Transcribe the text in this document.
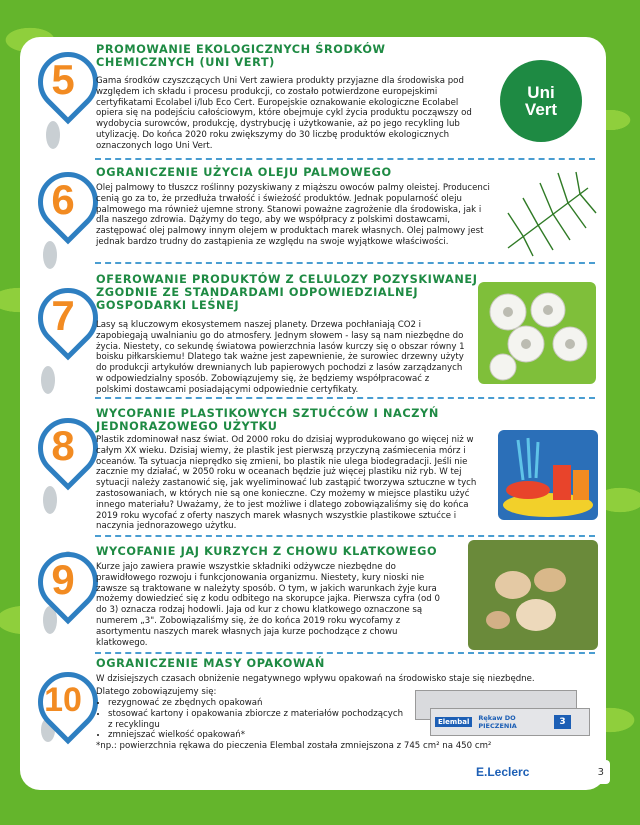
5
PROMOWANIE EKOLOGICZNYCH ŚRODKÓW CHEMICZNYCH (UNI VERT)

Gama środków czyszczących Uni Vert zawiera produkty przyjazne dla środowiska pod względem ich składu i procesu produkcji, co zostało potwierdzone europejskimi certyfikatami Ecolabel i/lub Eco Cert. Europejskie oznakowanie ekologiczne Ecolabel opiera się na podejściu całościowym, które obejmuje cykl życia produktu począwszy od wydobycia surowców, produkcję, dystrybucję i użytkowanie, aż po jego recykling lub utylizację. Do końca 2020 roku zwiększymy do 30 liczbę produktów ekologicznych oznaczonych logo Uni Vert.

Uni Vert
6
OGRANICZENIE UŻYCIA OLEJU PALMOWEGO

Olej palmowy to tłuszcz roślinny pozyskiwany z miąższu owoców palmy oleistej. Producenci cenią go za to, że przedłuża trwałość i świeżość produktów. Jednak popularność oleju palmowego ma również ujemne strony. Stanowi poważne zagrożenie dla środowiska, jak i dla naszego zdrowia. Dążymy do tego, aby we współpracy z polskimi dostawcami, zastępować olej palmowy innym olejem w produktach marek własnych. Olej palmowy jest jednak bardzo trudny do zastąpienia ze względu na swoje wyjątkowe właściwości.

7
OFEROWANIE PRODUKTÓW Z CELULOZY POZYSKIWANEJ ZGODNIE ZE STANDARDAMI ODPOWIEDZIALNEJ GOSPODARKI LEŚNEJ

Lasy są kluczowym ekosystemem naszej planety. Drzewa pochłaniają CO2 i zapobiegają uwalnianiu go do atmosfery. Jednym słowem - lasy są nam niezbędne do życia. Niestety, co sekundę światowa powierzchnia lasów kurczy się o obszar równy 1 boisku piłkarskiemu! Dlatego tak ważne jest zapewnienie, że surowiec drzewny użyty do produkcji artykułów drewnianych lub papierowych pochodzi z lasów zarządzanych w odpowiedzialny sposób. Zobowiązujemy się, że będziemy współpracować z polskimi dostawcami posiadającymi odpowiednie certyfikaty.

8
WYCOFANIE PLASTIKOWYCH SZTUĆCÓW I NACZYŃ JEDNORAZOWEGO UŻYTKU

Plastik zdominował nasz świat. Od 2000 roku do dzisiaj wyprodukowano go więcej niż w całym XX wieku. Dzisiaj wiemy, że plastik jest pierwszą przyczyną zaśmiecenia mórz i oceanów. Ta sytuacja nieprędko się zmieni, bo plastik nie ulega biodegradacji. Jeśli nie zacznie my działać, w 2050 roku w oceanach będzie już więcej plastiku niż ryb. W tej sytuacji należy zastanowić się, jak wyeliminować lub zastąpić tworzywa sztuczne w tych zastosowaniach, w których nie są one konieczne. Czy możemy w miejsce plastiku użyć innego materiału? Uważamy, że to jest możliwe i dlatego zobowiązaliśmy się do końca 2019 roku wycofać z oferty naszych marek własnych wszystkie plastikowe sztućce i naczynia jednorazowego użytku.

9
WYCOFANIE JAJ KURZYCH Z CHOWU KLATKOWEGO

Kurze jajo zawiera prawie wszystkie składniki odżywcze niezbędne do prawidłowego rozwoju i funkcjonowania organizmu. Niestety, kury nioski nie zawsze są traktowane w należyty sposób. O tym, w jakich warunkach żyje kura możemy dowiedzieć się z kodu odbitego na skorupce jajka. Pierwsza cyfra (od 0 do 3) oznacza rodzaj hodowli. Jaja od kur z chowu klatkowego oznaczone są numerem „3". Zobowiązaliśmy się, że do końca 2019 roku wycofamy z asortymentu naszych marek własnych jaja kurze pochodzące z chowu klatkowego.

10
OGRANICZENIE MASY OPAKOWAŃ

W dzisiejszych czasach obniżenie negatywnego wpływu opakowań na środowisko staje się niezbędne.

Dlatego zobowiązujemy się:

• rezygnować ze zbędnych opakowań
• stosować kartony i opakowania zbiorcze z materiałów pochodzących z recyklingu
• zmniejszać wielkość opakowań*

*np.: powierzchnia rękawa do pieczenia Elembal została zmniejszona z 745 cm² na 450 cm²

Elembal	Rękaw DO PIECZENIA	3
E.Leclerc	3
